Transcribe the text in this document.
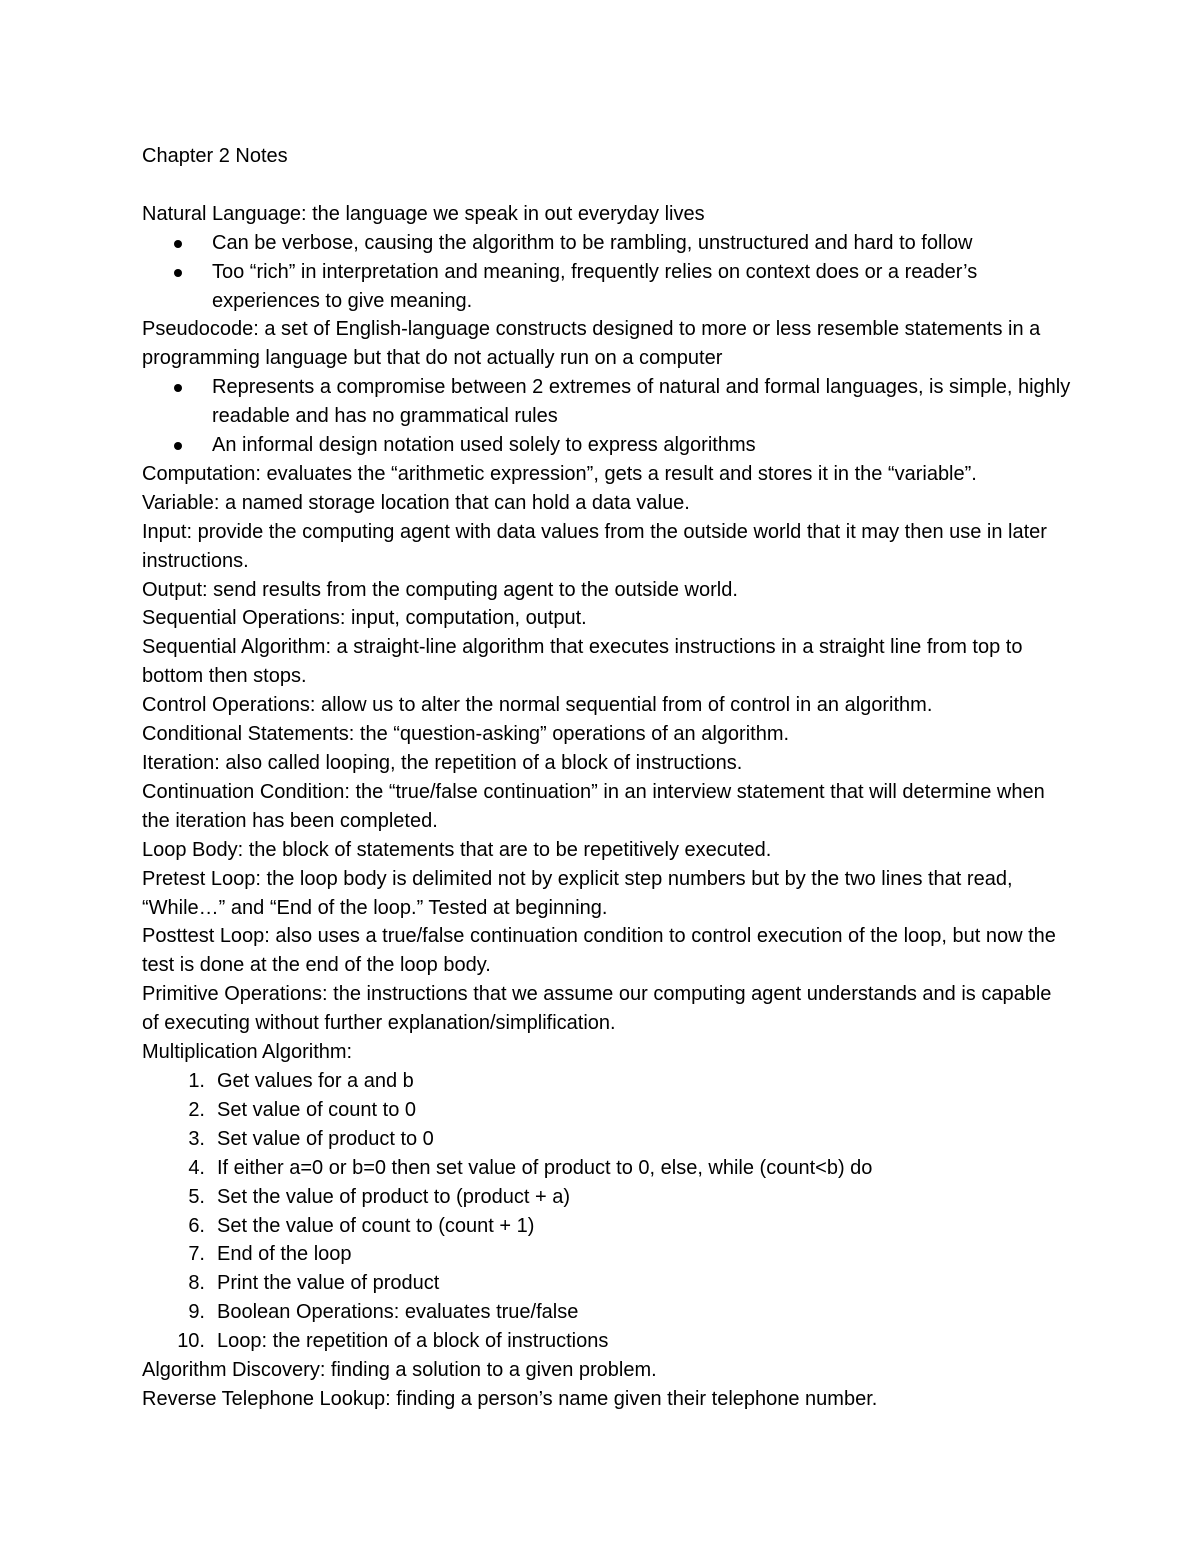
Chapter 2 Notes

Natural Language: the language we speak in out everyday lives

Can be verbose, causing the algorithm to be rambling, unstructured and hard to follow
Too “rich” in interpretation and meaning, frequently relies on context does or a reader’s experiences to give meaning.

Pseudocode: a set of English-language constructs designed to more or less resemble statements in a programming language but that do not actually run on a computer

Represents a compromise between 2 extremes of natural and formal languages, is simple, highly readable and has no grammatical rules
An informal design notation used solely to express algorithms

Computation: evaluates the “arithmetic expression”, gets a result and stores it in the “variable”.

Variable: a named storage location that can hold a data value.

Input: provide the computing agent with data values from the outside world that it may then use in later instructions.

Output: send results from the computing agent to the outside world.

Sequential Operations: input, computation, output.

Sequential Algorithm: a straight-line algorithm that executes instructions in a straight line from top to bottom then stops.

Control Operations: allow us to alter the normal sequential from of control in an algorithm.

Conditional Statements: the “question-asking” operations of an algorithm.

Iteration: also called looping, the repetition of a block of instructions.

Continuation Condition: the “true/false continuation” in an interview statement that will determine when the iteration has been completed.

Loop Body: the block of statements that are to be repetitively executed.

Pretest Loop: the loop body is delimited not by explicit step numbers but by the two lines that read, “While…” and “End of the loop.” Tested at beginning.

Posttest Loop: also uses a true/false continuation condition to control execution of the loop, but now the test is done at the end of the loop body.

Primitive Operations: the instructions that we assume our computing agent understands and is capable of executing without further explanation/simplification.

Multiplication Algorithm:

1. Get values for a and b
2. Set value of count to 0
3. Set value of product to 0
4. If either a=0 or b=0 then set value of product to 0, else, while (count<b) do
5. Set the value of product to (product + a)
6. Set the value of count to (count + 1)
7. End of the loop
8. Print the value of product
9. Boolean Operations: evaluates true/false
10. Loop: the repetition of a block of instructions

Algorithm Discovery: finding a solution to a given problem.

Reverse Telephone Lookup: finding a person’s name given their telephone number.
